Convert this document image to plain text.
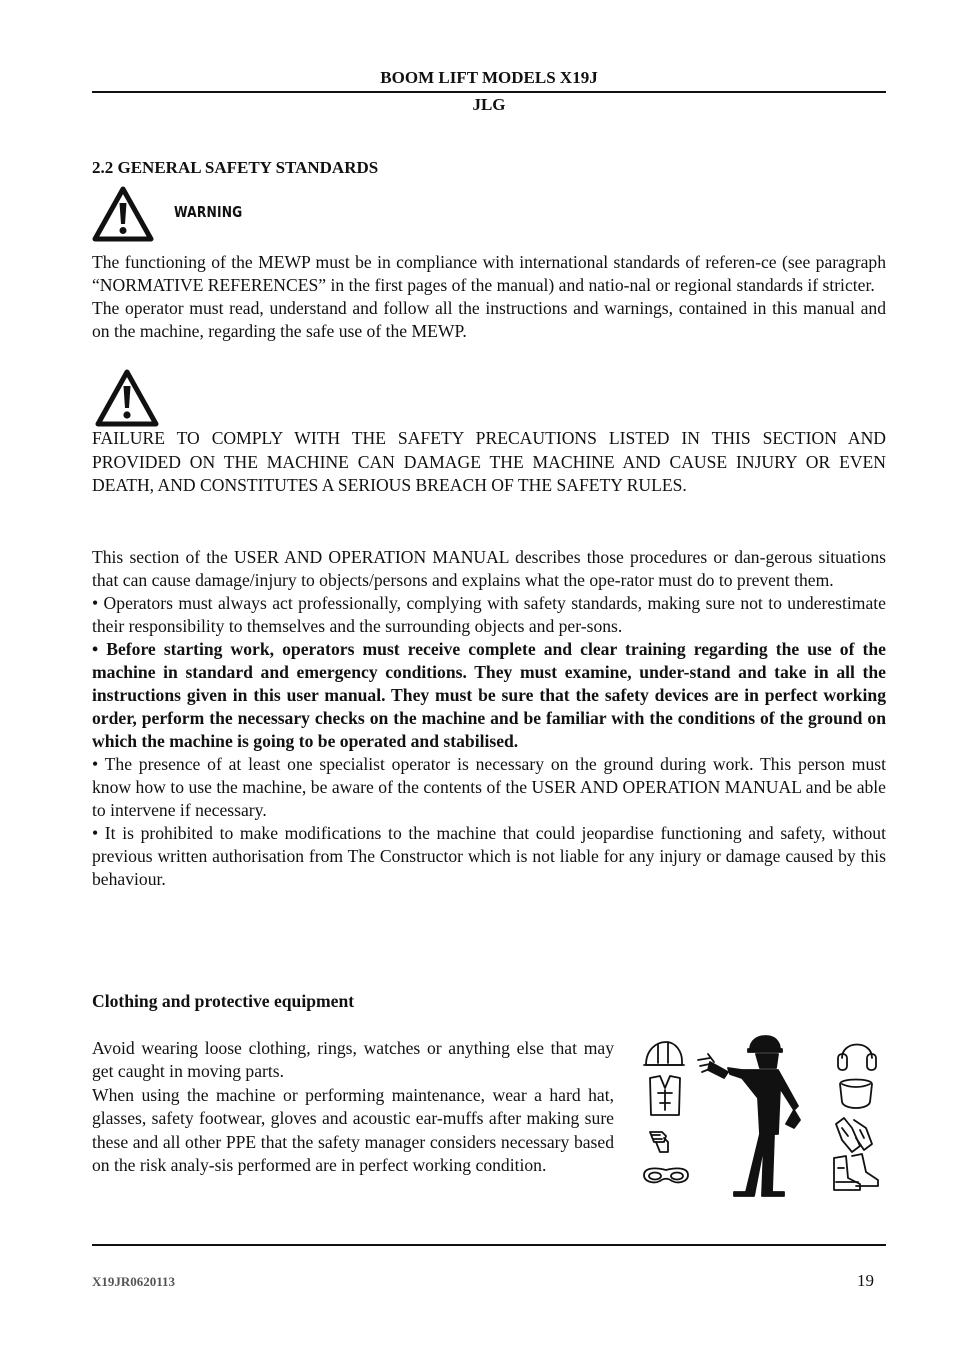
BOOM LIFT MODELS X19J
JLG
2.2 GENERAL SAFETY STANDARDS
WARNING
The functioning of the MEWP must be in compliance with international standards of referen-ce (see paragraph “NORMATIVE REFERENCES” in the first pages of the manual) and natio-nal or regional standards if stricter.
The operator must read, understand and follow all the instructions and warnings, contained in this manual and on the machine, regarding the safe use of the MEWP.
FAILURE TO COMPLY WITH THE SAFETY PRECAUTIONS LISTED IN THIS SECTION AND PROVIDED ON THE MACHINE CAN DAMAGE THE MACHINE AND CAUSE INJURY OR EVEN DEATH, AND CONSTITUTES A SERIOUS BREACH OF THE SAFETY RULES.
This section of the USER AND OPERATION MANUAL describes those procedures or dan-gerous situations that can cause damage/injury to objects/persons and explains what the ope-rator must do to prevent them.
• Operators must always act professionally, complying with safety standards, making sure not to underestimate their responsibility to themselves and the surrounding objects and per-sons.
• Before starting work, operators must receive complete and clear training regarding the use of the machine in standard and emergency conditions. They must examine, under-stand and take in all the instructions given in this user manual. They must be sure that the safety devices are in perfect working order, perform the necessary checks on the machine and be familiar with the conditions of the ground on which the machine is going to be operated and stabilised.
• The presence of at least one specialist operator is necessary on the ground during work. This person must know how to use the machine, be aware of the contents of the USER AND OPERATION MANUAL and be able to intervene if necessary.
• It is prohibited to make modifications to the machine that could jeopardise functioning and safety, without previous written authorisation from The Constructor which is not liable for any injury or damage caused by this behaviour.
Clothing and protective equipment
Avoid wearing loose clothing, rings, watches or anything else that may get caught in moving parts.
When using the machine or performing maintenance, wear a hard hat, glasses, safety footwear, gloves and acoustic ear-muffs after making sure these and all other PPE that the safety manager considers necessary based on the risk analy-sis performed are in perfect working condition.
X19JR0620113	19
